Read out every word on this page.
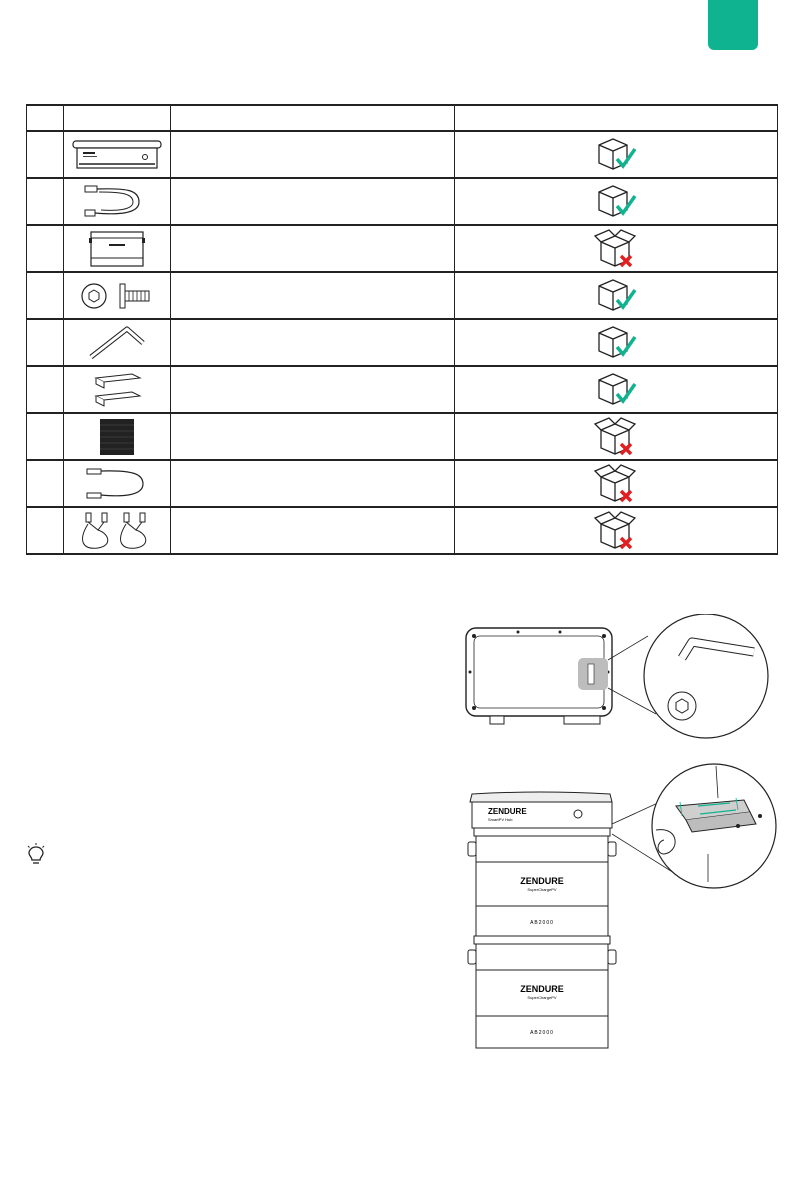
ZENDURE
SmartPV Hub
ZENDURE
SuperChargePV
AB2000
ZENDURE
SuperChargePV
AB2000
